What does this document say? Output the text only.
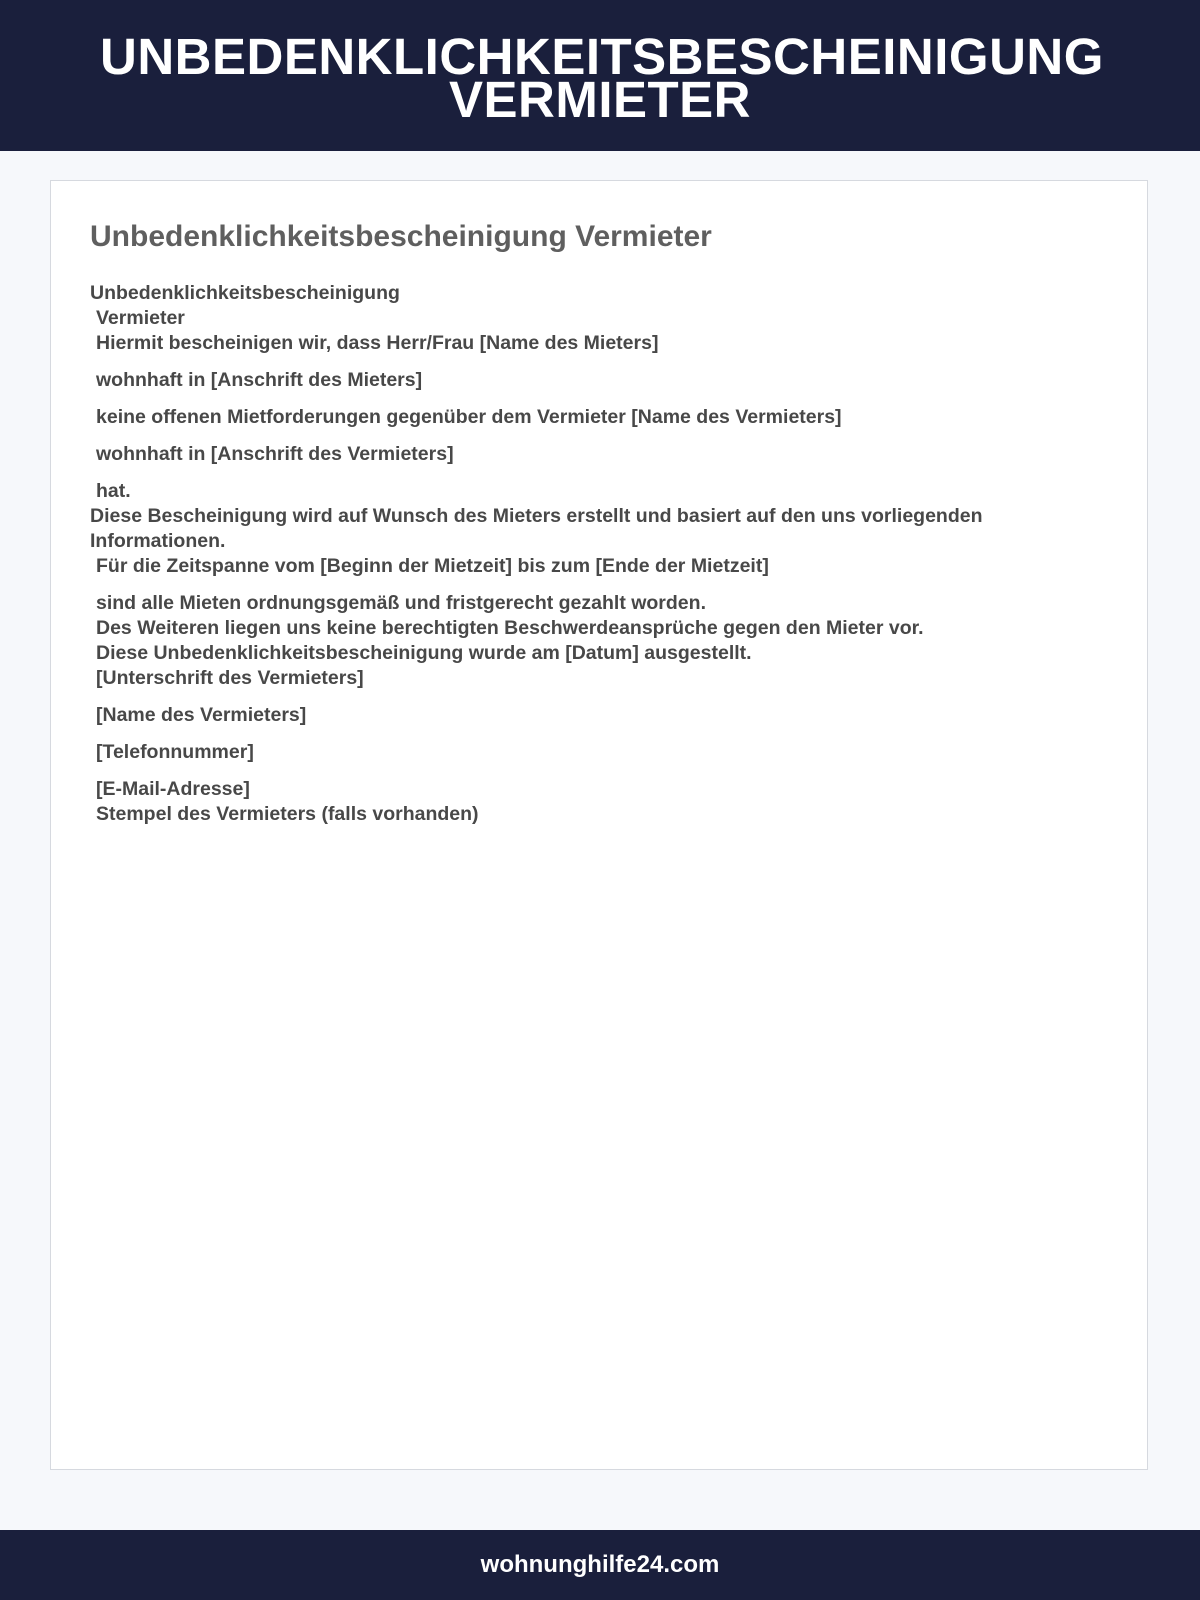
UNBEDENKLICHKEITSBESCHEINIGUNG VERMIETER
Unbedenklichkeitsbescheinigung Vermieter
Unbedenklichkeitsbescheinigung
Vermieter
Hiermit bescheinigen wir, dass Herr/Frau [Name des Mieters]
wohnhaft in [Anschrift des Mieters]
keine offenen Mietforderungen gegenüber dem Vermieter [Name des Vermieters]
wohnhaft in [Anschrift des Vermieters]
hat.
Diese Bescheinigung wird auf Wunsch des Mieters erstellt und basiert auf den uns vorliegenden Informationen.
Für die Zeitspanne vom [Beginn der Mietzeit] bis zum [Ende der Mietzeit]
sind alle Mieten ordnungsgemäß und fristgerecht gezahlt worden.
Des Weiteren liegen uns keine berechtigten Beschwerdeansprüche gegen den Mieter vor.
Diese Unbedenklichkeitsbescheinigung wurde am [Datum] ausgestellt.
[Unterschrift des Vermieters]
[Name des Vermieters]
[Telefonnummer]
[E-Mail-Adresse]
Stempel des Vermieters (falls vorhanden)
wohnunghilfe24.com
